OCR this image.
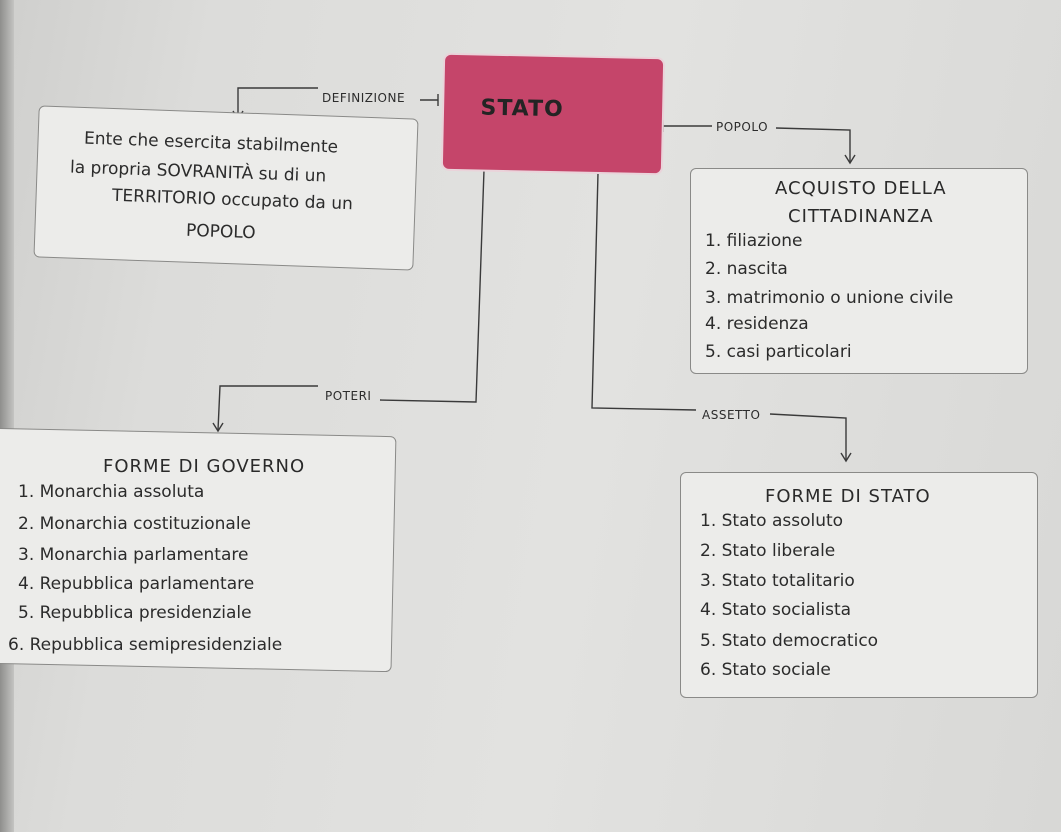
STATO
DEFINIZIONE
POPOLO
POTERI
ASSETTO
Ente che esercita stabilmente
la propria SOVRANITÀ su di un
TERRITORIO occupato da un
POPOLO
ACQUISTO DELLA
CITTADINANZA
1. filiazione
2. nascita
3. matrimonio o unione civile
4. residenza
5. casi particolari
FORME DI GOVERNO
1. Monarchia assoluta
2. Monarchia costituzionale
3. Monarchia parlamentare
4. Repubblica parlamentare
5. Repubblica presidenziale
6. Repubblica semipresidenziale
FORME DI STATO
1. Stato assoluto
2. Stato liberale
3. Stato totalitario
4. Stato socialista
5. Stato democratico
6. Stato sociale
